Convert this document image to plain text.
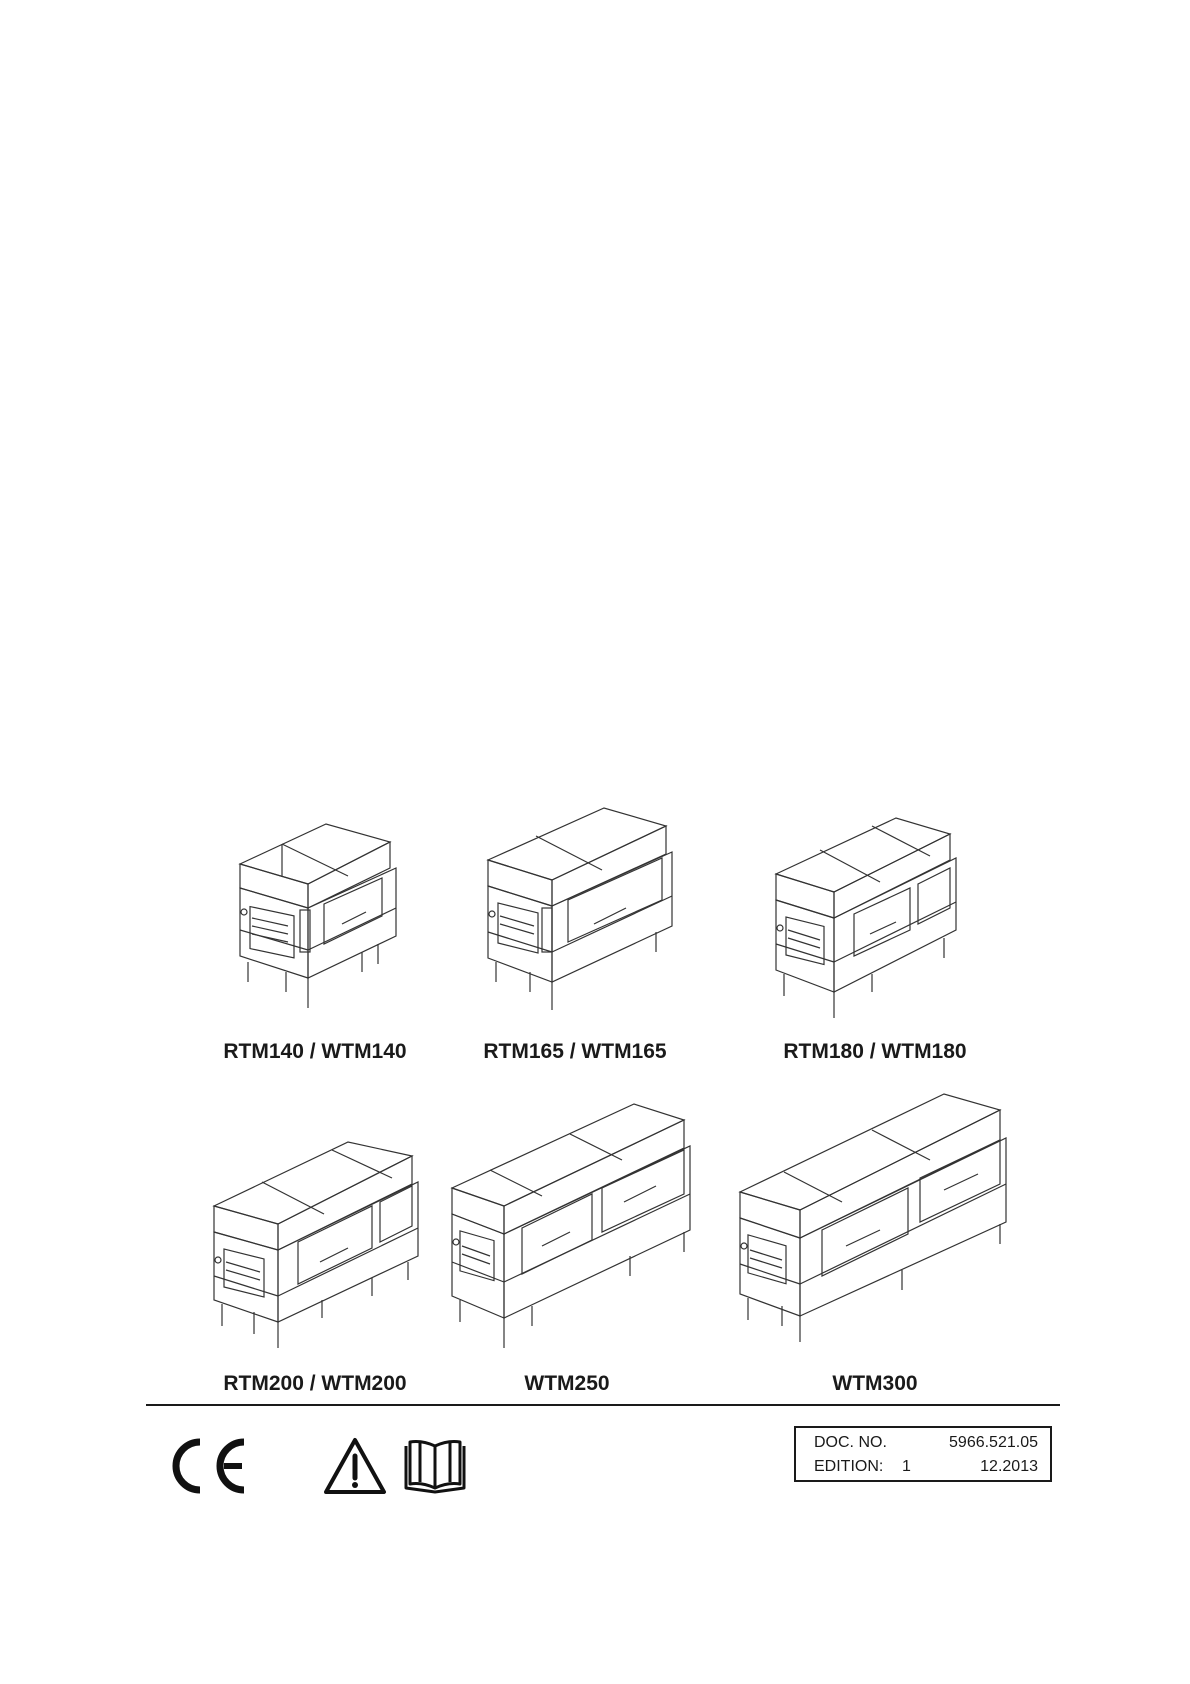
RTM140 / WTM140	RTM165 / WTM165	RTM180 / WTM180
RTM200 / WTM200	WTM250	WTM300
DOC. NO.	5966.521.05
EDITION: 1	12.2013
